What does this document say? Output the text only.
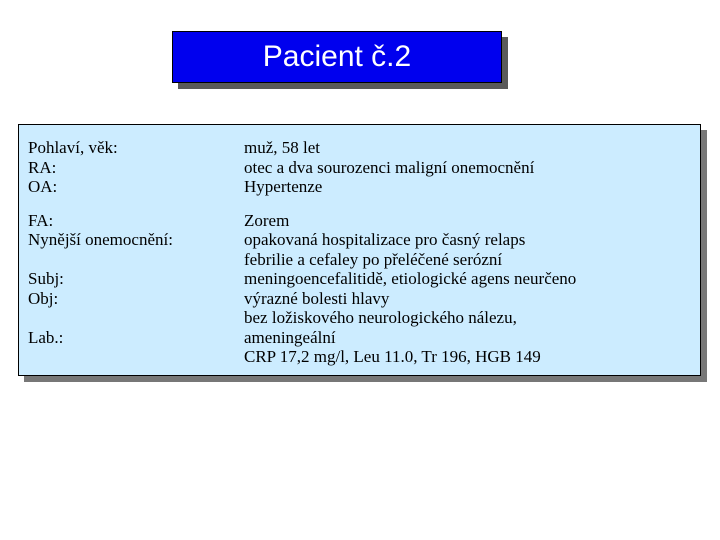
Pacient č.2
Pohlaví, věk:
RA:
OA:
FA:
Nynější onemocnění:
Subj:
Obj:
Lab.:
muž, 58 let
otec a dva sourozenci maligní onemocnění
Hypertenze
Zorem
opakovaná hospitalizace pro časný relaps
febrilie a cefaley po přeléčené serózní
meningoencefalitidě, etiologické agens neurčeno
výrazné bolesti hlavy
bez ložiskového neurologického nálezu,
ameningeální
CRP 17,2 mg/l, Leu 11.0, Tr 196, HGB 149
